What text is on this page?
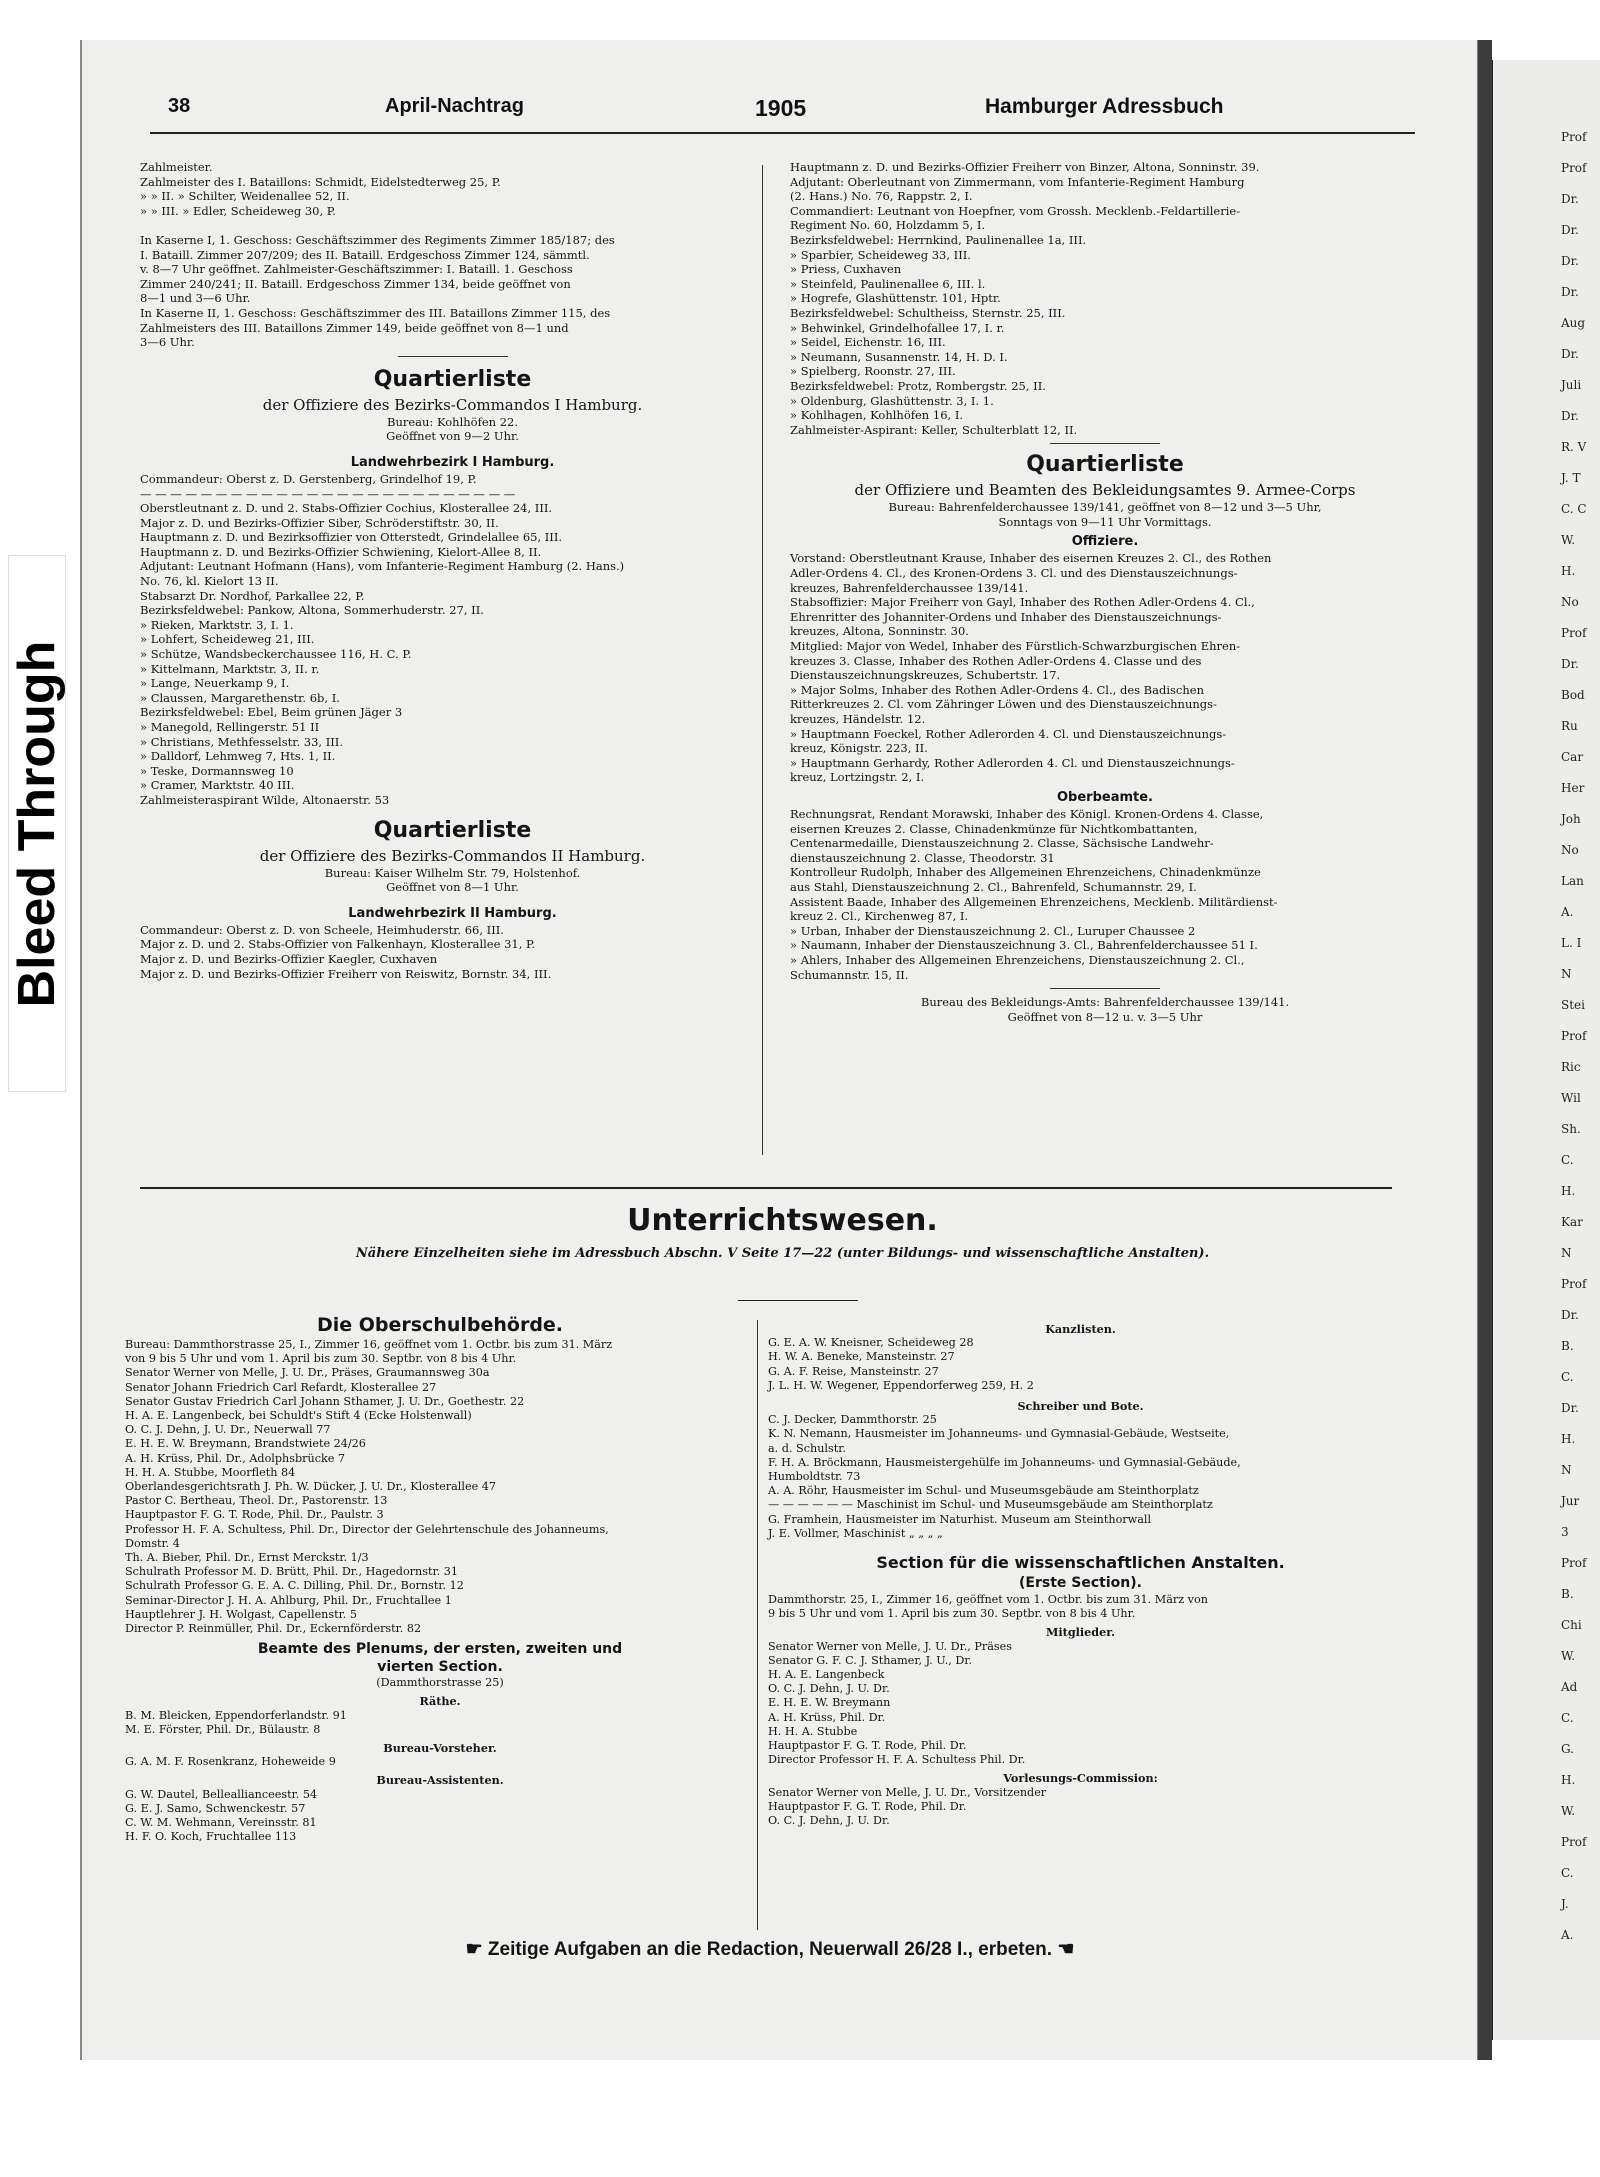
Bleed Through
Prof
Prof
Dr.
Dr.
Dr.
Dr.
Aug
Dr.
Juli
Dr.
R. V
J. T
C. C
W.
H.
No
Prof
Dr.
Bod
Ru
Car
Her
Joh
No
Lan
A.
L. I
N
Stei
Prof
Ric
Wil
Sh.
C.
H.
Kar
N
Prof
Dr.
B.
C.
Dr.
H.
N
Jur
3
Prof
B.
Chi
W.
Ad
C.
G.
H.
W.
Prof
C.
J.
A.
38	April-Nachtrag	1905	Hamburger Adressbuch

Zahlmeister.

Zahlmeister des I. Bataillons: Schmidt, Eidelstedterweg 25, P.

» » II. » Schilter, Weidenallee 52, II.

» » III. » Edler, Scheideweg 30, P.

In Kaserne I, 1. Geschoss: Geschäftszimmer des Regiments Zimmer 185/187; des

I. Bataill. Zimmer 207/209; des II. Bataill. Erdgeschoss Zimmer 124, sämmtl.

v. 8—7 Uhr geöffnet. Zahlmeister-Geschäftszimmer: I. Bataill. 1. Geschoss

Zimmer 240/241; II. Bataill. Erdgeschoss Zimmer 134, beide geöffnet von

8—1 und 3—6 Uhr.

In Kaserne II, 1. Geschoss: Geschäftszimmer des III. Bataillons Zimmer 115, des

Zahlmeisters des III. Bataillons Zimmer 149, beide geöffnet von 8—1 und

3—6 Uhr.

Quartierliste
der Offiziere des Bezirks-Commandos I Hamburg.

Bureau: Kohlhöfen 22.

Geöffnet von 9—2 Uhr.

Landwehrbezirk I Hamburg.

Commandeur: Oberst z. D. Gerstenberg, Grindelhof 19, P.

— — — — — — — — — — — — — — — — — — — — — — — — —

Oberstleutnant z. D. und 2. Stabs-Offizier Cochius, Klosterallee 24, III.

Major z. D. und Bezirks-Offizier Siber, Schröderstiftstr. 30, II.

Hauptmann z. D. und Bezirksoffizier von Otterstedt, Grindelallee 65, III.

Hauptmann z. D. und Bezirks-Offizier Schwiening, Kielort-Allee 8, II.

Adjutant: Leutnant Hofmann (Hans), vom Infanterie-Regiment Hamburg (2. Hans.)

No. 76, kl. Kielort 13 II.

Stabsarzt Dr. Nordhof, Parkallee 22, P.

Bezirksfeldwebel: Pankow, Altona, Sommerhuderstr. 27, II.

» Rieken, Marktstr. 3, I. 1.

» Lohfert, Scheideweg 21, III.

» Schütze, Wandsbeckerchaussee 116, H. C. P.

» Kittelmann, Marktstr. 3, II. r.

» Lange, Neuerkamp 9, I.

» Claussen, Margarethenstr. 6b, I.

Bezirksfeldwebel: Ebel, Beim grünen Jäger 3

» Manegold, Rellingerstr. 51 II

» Christians, Methfesselstr. 33, III.

» Dalldorf, Lehmweg 7, Hts. 1, II.

» Teske, Dormannsweg 10

» Cramer, Marktstr. 40 III.

Zahlmeisteraspirant Wilde, Altonaerstr. 53

Quartierliste
der Offiziere des Bezirks-Commandos II Hamburg.

Bureau: Kaiser Wilhelm Str. 79, Holstenhof.

Geöffnet von 8—1 Uhr.

Landwehrbezirk II Hamburg.

Commandeur: Oberst z. D. von Scheele, Heimhuderstr. 66, III.

Major z. D. und 2. Stabs-Offizier von Falkenhayn, Klosterallee 31, P.

Major z. D. und Bezirks-Offizier Kaegler, Cuxhaven

Major z. D. und Bezirks-Offizier Freiherr von Reiswitz, Bornstr. 34, III.

Hauptmann z. D. und Bezirks-Offizier Freiherr von Binzer, Altona, Sonninstr. 39.

Adjutant: Oberleutnant von Zimmermann, vom Infanterie-Regiment Hamburg

(2. Hans.) No. 76, Rappstr. 2, I.

Commandiert: Leutnant von Hoepfner, vom Grossh. Mecklenb.-Feldartillerie-

Regiment No. 60, Holzdamm 5, I.

Bezirksfeldwebel: Herrnkind, Paulinenallee 1a, III.

» Sparbier, Scheideweg 33, III.

» Priess, Cuxhaven

» Steinfeld, Paulinenallee 6, III. l.

» Hogrefe, Glashüttenstr. 101, Hptr.

Bezirksfeldwebel: Schultheiss, Sternstr. 25, III.

» Behwinkel, Grindelhofallee 17, I. r.

» Seidel, Eichenstr. 16, III.

» Neumann, Susannenstr. 14, H. D. I.

» Spielberg, Roonstr. 27, III.

Bezirksfeldwebel: Protz, Rombergstr. 25, II.

» Oldenburg, Glashüttenstr. 3, I. 1.

» Kohlhagen, Kohlhöfen 16, I.

Zahlmeister-Aspirant: Keller, Schulterblatt 12, II.

Quartierliste
der Offiziere und Beamten des Bekleidungsamtes 9. Armee-Corps

Bureau: Bahrenfelderchaussee 139/141, geöffnet von 8—12 und 3—5 Uhr,

Sonntags von 9—11 Uhr Vormittags.

Offiziere.

Vorstand: Oberstleutnant Krause, Inhaber des eisernen Kreuzes 2. Cl., des Rothen

Adler-Ordens 4. Cl., des Kronen-Ordens 3. Cl. und des Dienstauszeichnungs-

kreuzes, Bahrenfelderchaussee 139/141.

Stabsoffizier: Major Freiherr von Gayl, Inhaber des Rothen Adler-Ordens 4. Cl.,

Ehrenritter des Johanniter-Ordens und Inhaber des Dienstauszeichnungs-

kreuzes, Altona, Sonninstr. 30.

Mitglied: Major von Wedel, Inhaber des Fürstlich-Schwarzburgischen Ehren-

kreuzes 3. Classe, Inhaber des Rothen Adler-Ordens 4. Classe und des

Dienstauszeichnungskreuzes, Schubertstr. 17.

» Major Solms, Inhaber des Rothen Adler-Ordens 4. Cl., des Badischen

Ritterkreuzes 2. Cl. vom Zähringer Löwen und des Dienstauszeichnungs-

kreuzes, Händelstr. 12.

» Hauptmann Foeckel, Rother Adlerorden 4. Cl. und Dienstauszeichnungs-

kreuz, Königstr. 223, II.

» Hauptmann Gerhardy, Rother Adlerorden 4. Cl. und Dienstauszeichnungs-

kreuz, Lortzingstr. 2, I.

Oberbeamte.

Rechnungsrat, Rendant Morawski, Inhaber des Königl. Kronen-Ordens 4. Classe,

eisernen Kreuzes 2. Classe, Chinadenkmünze für Nichtkombattanten,

Centenarmedaille, Dienstauszeichnung 2. Classe, Sächsische Landwehr-

dienstauszeichnung 2. Classe, Theodorstr. 31

Kontrolleur Rudolph, Inhaber des Allgemeinen Ehrenzeichens, Chinadenkmünze

aus Stahl, Dienstauszeichnung 2. Cl., Bahrenfeld, Schumannstr. 29, I.

Assistent Baade, Inhaber des Allgemeinen Ehrenzeichens, Mecklenb. Militärdienst-

kreuz 2. Cl., Kirchenweg 87, I.

» Urban, Inhaber der Dienstauszeichnung 2. Cl., Luruper Chaussee 2

» Naumann, Inhaber der Dienstauszeichnung 3. Cl., Bahrenfelderchaussee 51 I.

» Ahlers, Inhaber des Allgemeinen Ehrenzeichens, Dienstauszeichnung 2. Cl.,

Schumannstr. 15, II.

Bureau des Bekleidungs-Amts: Bahrenfelderchaussee 139/141.

Geöffnet von 8—12 u. v. 3—5 Uhr

Unterrichtswesen.
Nähere Einzelheiten siehe im Adressbuch Abschn. V Seite 17—22 (unter Bildungs- und wissenschaftliche Anstalten).
Die Oberschulbehörde.

Bureau: Dammthorstrasse 25, I., Zimmer 16, geöffnet vom 1. Octbr. bis zum 31. März

von 9 bis 5 Uhr und vom 1. April bis zum 30. Septbr. von 8 bis 4 Uhr.

Senator Werner von Melle, J. U. Dr., Präses, Graumannsweg 30a

Senator Johann Friedrich Carl Refardt, Klosterallee 27

Senator Gustav Friedrich Carl Johann Sthamer, J. U. Dr., Goethestr. 22

H. A. E. Langenbeck, bei Schuldt's Stift 4 (Ecke Holstenwall)

O. C. J. Dehn, J. U. Dr., Neuerwall 77

E. H. E. W. Breymann, Brandstwiete 24/26

A. H. Krüss, Phil. Dr., Adolphsbrücke 7

H. H. A. Stubbe, Moorfleth 84

Oberlandesgerichtsrath J. Ph. W. Dücker, J. U. Dr., Klosterallee 47

Pastor C. Bertheau, Theol. Dr., Pastorenstr. 13

Hauptpastor F. G. T. Rode, Phil. Dr., Paulstr. 3

Professor H. F. A. Schultess, Phil. Dr., Director der Gelehrtenschule des Johanneums,

Domstr. 4

Th. A. Bieber, Phil. Dr., Ernst Merckstr. 1/3

Schulrath Professor M. D. Brütt, Phil. Dr., Hagedornstr. 31

Schulrath Professor G. E. A. C. Dilling, Phil. Dr., Bornstr. 12

Seminar-Director J. H. A. Ahlburg, Phil. Dr., Fruchtallee 1

Hauptlehrer J. H. Wolgast, Capellenstr. 5

Director P. Reinmüller, Phil. Dr., Eckernförderstr. 82

Beamte des Plenums, der ersten, zweiten und
vierten Section.

(Dammthorstrasse 25)

Räthe.

B. M. Bleicken, Eppendorferlandstr. 91

M. E. Förster, Phil. Dr., Bülaustr. 8

Bureau-Vorsteher.

G. A. M. F. Rosenkranz, Hoheweide 9

Bureau-Assistenten.

G. W. Dautel, Belleallianceestr. 54

G. E. J. Samo, Schwenckestr. 57

C. W. M. Wehmann, Vereinsstr. 81

H. F. O. Koch, Fruchtallee 113

Kanzlisten.

G. E. A. W. Kneisner, Scheideweg 28

H. W. A. Beneke, Mansteinstr. 27

G. A. F. Reise, Mansteinstr. 27

J. L. H. W. Wegener, Eppendorferweg 259, H. 2

Schreiber und Bote.

C. J. Decker, Dammthorstr. 25

K. N. Nemann, Hausmeister im Johanneums- und Gymnasial-Gebäude, Westseite,

a. d. Schulstr.

F. H. A. Bröckmann, Hausmeistergehülfe im Johanneums- und Gymnasial-Gebäude,

Humboldtstr. 73

A. A. Röhr, Hausmeister im Schul- und Museumsgebäude am Steinthorplatz

— — — — — — Maschinist im Schul- und Museumsgebäude am Steinthorplatz

G. Framhein, Hausmeister im Naturhist. Museum am Steinthorwall

J. E. Vollmer, Maschinist „ „ „ „

Section für die wissenschaftlichen Anstalten.
(Erste Section).

Dammthorstr. 25, I., Zimmer 16, geöffnet vom 1. Octbr. bis zum 31. März von

9 bis 5 Uhr und vom 1. April bis zum 30. Septbr. von 8 bis 4 Uhr.

Mitglieder.

Senator Werner von Melle, J. U. Dr., Präses

Senator G. F. C. J. Sthamer, J. U., Dr.

H. A. E. Langenbeck

O. C. J. Dehn, J. U. Dr.

E. H. E. W. Breymann

A. H. Krüss, Phil. Dr.

H. H. A. Stubbe

Hauptpastor F. G. T. Rode, Phil. Dr.

Director Professor H. F. A. Schultess Phil. Dr.

Vorlesungs-Commission:

Senator Werner von Melle, J. U. Dr., Vorsitzender

Hauptpastor F. G. T. Rode, Phil. Dr.

O. C. J. Dehn, J. U. Dr.

☛ Zeitige Aufgaben an die Redaction, Neuerwall 26/28 I., erbeten. ☚
